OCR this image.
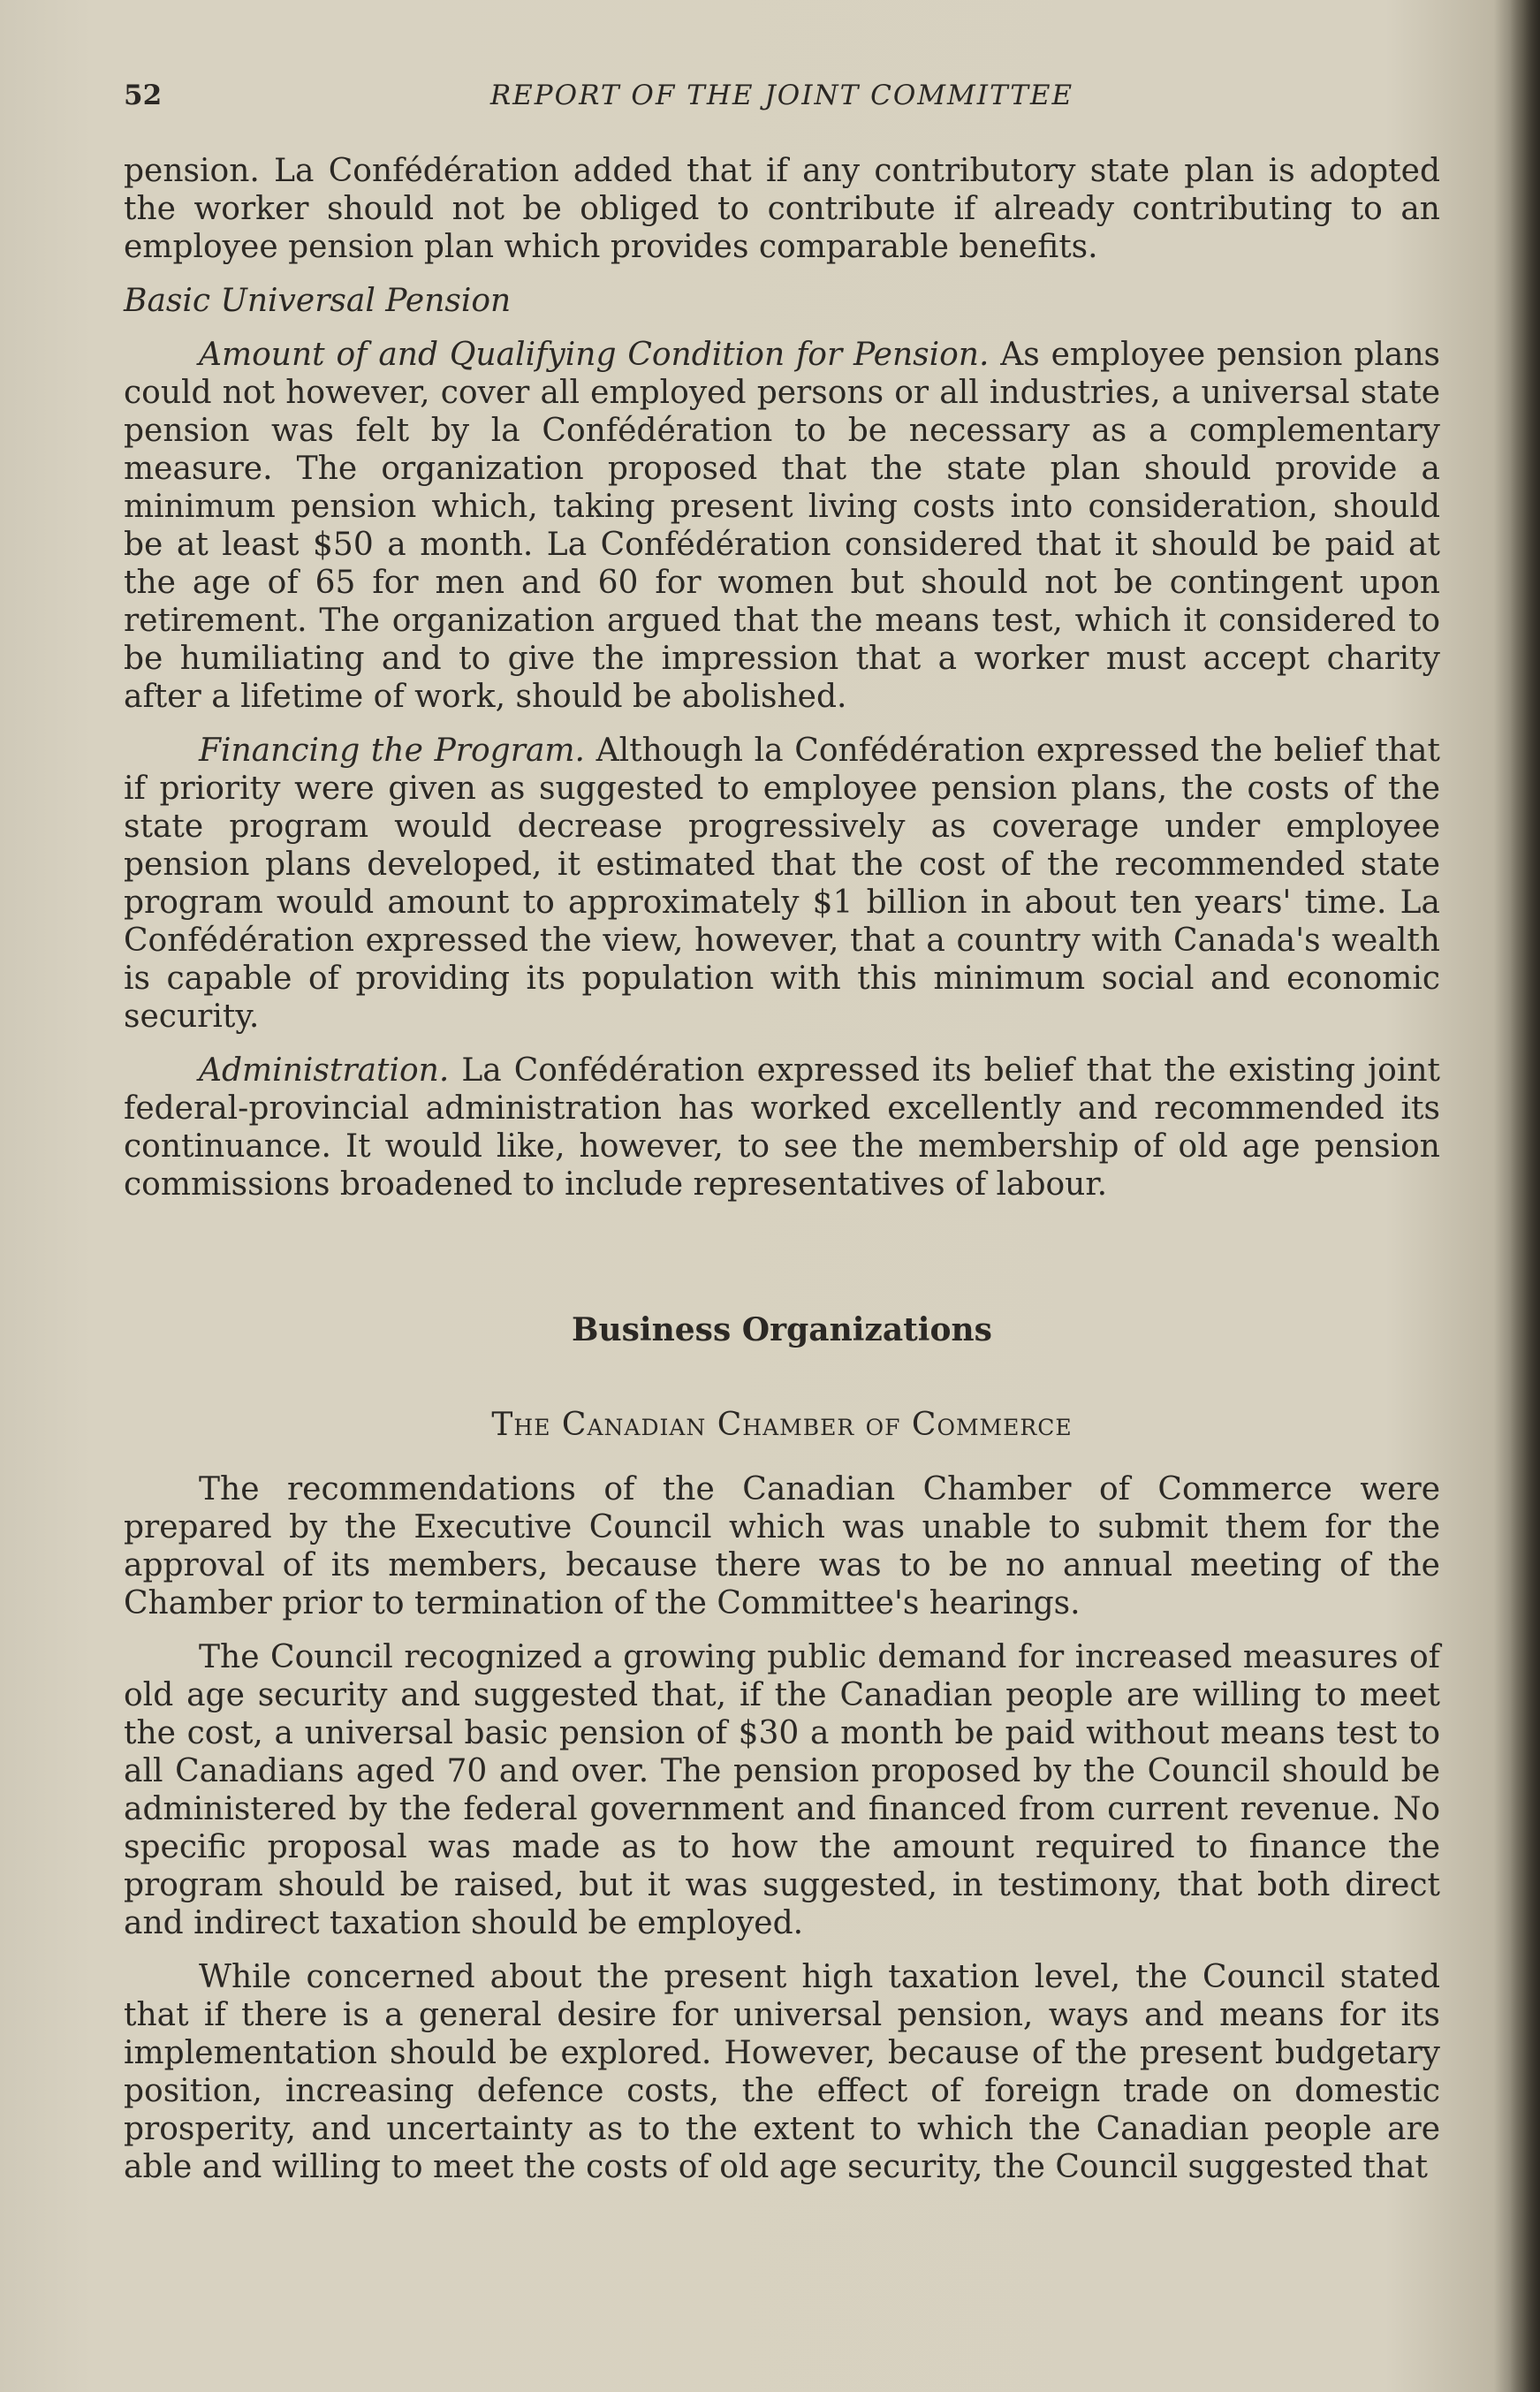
52	REPORT OF THE JOINT COMMITTEE

pension. La Confédération added that if any contributory state plan is adopted the worker should not be obliged to contribute if already contributing to an employee pension plan which provides comparable benefits.

Basic Universal Pension

Amount of and Qualifying Condition for Pension. As employee pension plans could not however, cover all employed persons or all industries, a universal state pension was felt by la Confédération to be necessary as a complementary measure. The organization proposed that the state plan should provide a minimum pension which, taking present living costs into consideration, should be at least $50 a month. La Confédération considered that it should be paid at the age of 65 for men and 60 for women but should not be contingent upon retirement. The organization argued that the means test, which it considered to be humiliating and to give the impression that a worker must accept charity after a lifetime of work, should be abolished.

Financing the Program. Although la Confédération expressed the belief that if priority were given as suggested to employee pension plans, the costs of the state program would decrease progressively as coverage under employee pension plans developed, it estimated that the cost of the recommended state program would amount to approximately $1 billion in about ten years' time. La Confédération expressed the view, however, that a country with Canada's wealth is capable of providing its population with this minimum social and economic security.

Administration. La Confédération expressed its belief that the existing joint federal-provincial administration has worked excellently and recommended its continuance. It would like, however, to see the membership of old age pension commissions broadened to include representatives of labour.

Business Organizations
The Canadian Chamber of Commerce

The recommendations of the Canadian Chamber of Commerce were prepared by the Executive Council which was unable to submit them for the approval of its members, because there was to be no annual meeting of the Chamber prior to termination of the Committee's hearings.

The Council recognized a growing public demand for increased measures of old age security and suggested that, if the Canadian people are willing to meet the cost, a universal basic pension of $30 a month be paid without means test to all Canadians aged 70 and over. The pension proposed by the Council should be administered by the federal government and financed from current revenue. No specific proposal was made as to how the amount required to finance the program should be raised, but it was suggested, in testimony, that both direct and indirect taxation should be employed.

While concerned about the present high taxation level, the Council stated that if there is a general desire for universal pension, ways and means for its implementation should be explored. However, because of the present budgetary position, increasing defence costs, the effect of foreign trade on domestic prosperity, and uncertainty as to the extent to which the Canadian people are able and willing to meet the costs of old age security, the Council suggested that
